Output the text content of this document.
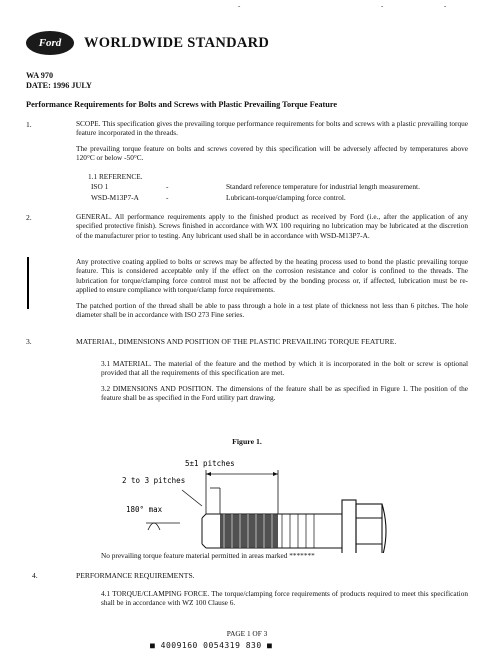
-	-	-
Ford	WORLDWIDE STANDARD
WA 970
DATE: 1996 JULY
Performance Requirements for Bolts and Screws with Plastic Prevailing Torque Feature
1.	SCOPE. This specification gives the prevailing torque performance requirements for bolts and screws with a plastic prevailing torque feature incorporated in the threads.
The prevailing torque feature on bolts and screws covered by this specification will be adversely affected by temperatures above 120°C or below -50°C.
1.1 REFERENCE.
ISO 1	-	Standard reference temperature for industrial length measurement.
WSD-M13P7-A	-	Lubricant-torque/clamping force control.
2.	GENERAL. All performance requirements apply to the finished product as received by Ford (i.e., after the application of any specified protective finish). Screws finished in accordance with WX 100 requiring no lubrication may be lubricated at the discretion of the manufacturer prior to testing. Any lubricant used shall be in accordance with WSD-M13P7-A.
Any protective coating applied to bolts or screws may be affected by the heating process used to bond the plastic prevailing torque feature. This is considered acceptable only if the effect on the corrosion resistance and color is confined to the threads. The lubrication for torque/clamping force control must not be affected by the bonding process or, if affected, lubrication must be re-applied to ensure compliance with torque/clamp force requirements.
The patched portion of the thread shall be able to pass through a hole in a test plate of thickness not less than 6 pitches. The hole diameter shall be in accordance with ISO 273 Fine series.
3.	MATERIAL, DIMENSIONS AND POSITION OF THE PLASTIC PREVAILING TORQUE FEATURE.
3.1 MATERIAL. The material of the feature and the method by which it is incorporated in the bolt or screw is optional provided that all the requirements of this specification are met.
3.2 DIMENSIONS AND POSITION. The dimensions of the feature shall be as specified in Figure 1. The position of the feature shall be as specified in the Ford utility part drawing.
Figure 1.
5±1 pitches
2 to 3 pitches
180° max
No prevailing torque feature material permitted in areas marked *******
4.	PERFORMANCE REQUIREMENTS.
4.1 TORQUE/CLAMPING FORCE. The torque/clamping force requirements of products required to meet this specification shall be in accordance with WZ 100 Clause 6.
PAGE 1 OF 3
■ 4009160 0054319 830 ■
